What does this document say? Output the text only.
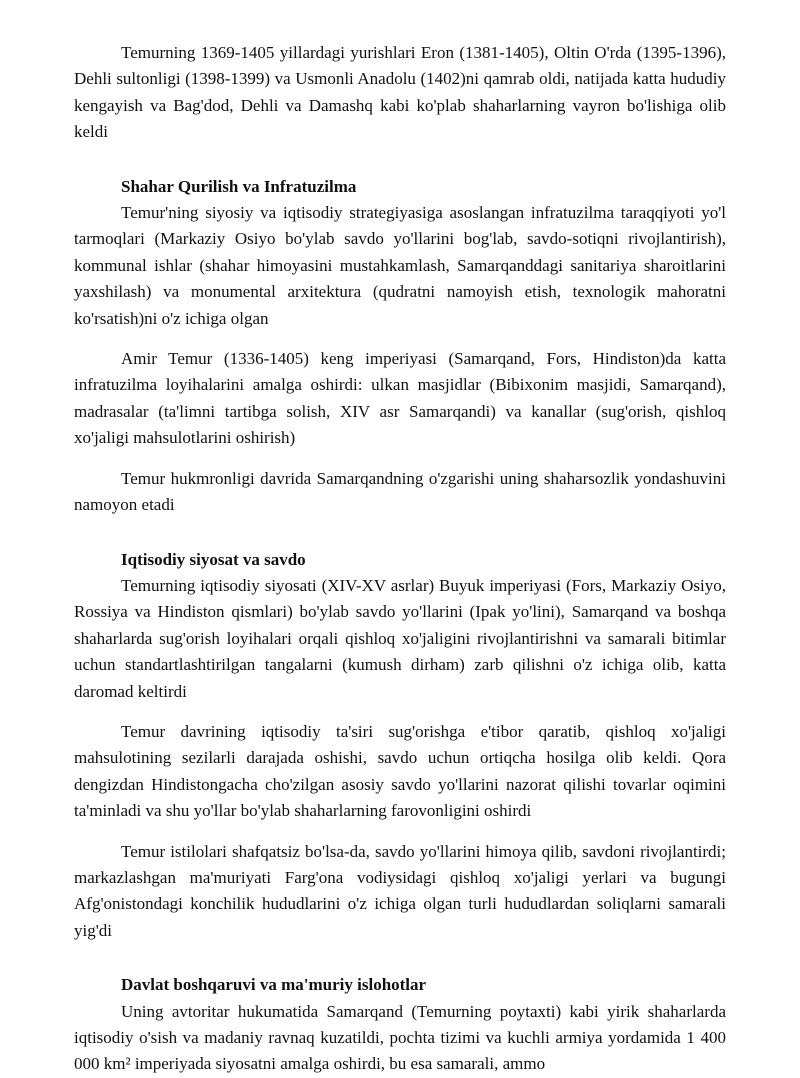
Temurning 1369-1405 yillardagi yurishlari Eron (1381-1405), Oltin O'rda (1395-1396), Dehli sultonligi (1398-1399) va Usmonli Anadolu (1402)ni qamrab oldi, natijada katta hududiy kengayish va Bag'dod, Dehli va Damashq kabi ko'plab shaharlarning vayron bo'lishiga olib keldi

Shahar Qurilish va Infratuzilma

Temur'ning siyosiy va iqtisodiy strategiyasiga asoslangan infratuzilma taraqqiyoti yo'l tarmoqlari (Markaziy Osiyo bo'ylab savdo yo'llarini bog'lab, savdo-sotiqni rivojlantirish), kommunal ishlar (shahar himoyasini mustahkamlash, Samarqanddagi sanitariya sharoitlarini yaxshilash) va monumental arxitektura (qudratni namoyish etish, texnologik mahoratni ko'rsatish)ni o'z ichiga olgan

Amir Temur (1336-1405) keng imperiyasi (Samarqand, Fors, Hindiston)da katta infratuzilma loyihalarini amalga oshirdi: ulkan masjidlar (Bibixonim masjidi, Samarqand), madrasalar (ta'limni tartibga solish, XIV asr Samarqandi) va kanallar (sug'orish, qishloq xo'jaligi mahsulotlarini oshirish)

Temur hukmronligi davrida Samarqandning o'zgarishi uning shaharsozlik yondashuvini namoyon etadi

Iqtisodiy siyosat va savdo

Temurning iqtisodiy siyosati (XIV-XV asrlar) Buyuk imperiyasi (Fors, Markaziy Osiyo, Rossiya va Hindiston qismlari) bo'ylab savdo yo'llarini (Ipak yo'lini), Samarqand va boshqa shaharlarda sug'orish loyihalari orqali qishloq xo'jaligini rivojlantirishni va samarali bitimlar uchun standartlashtirilgan tangalarni (kumush dirham) zarb qilishni o'z ichiga olib, katta daromad keltirdi

Temur davrining iqtisodiy ta'siri sug'orishga e'tibor qaratib, qishloq xo'jaligi mahsulotining sezilarli darajada oshishi, savdo uchun ortiqcha hosilga olib keldi. Qora dengizdan Hindistongacha cho'zilgan asosiy savdo yo'llarini nazorat qilishi tovarlar oqimini ta'minladi va shu yo'llar bo'ylab shaharlarning farovonligini oshirdi

Temur istilolari shafqatsiz bo'lsa-da, savdo yo'llarini himoya qilib, savdoni rivojlantirdi; markazlashgan ma'muriyati Farg'ona vodiysidagi qishloq xo'jaligi yerlari va bugungi Afg'onistondagi konchilik hududlarini o'z ichiga olgan turli hududlardan soliqlarni samarali yig'di

Davlat boshqaruvi va ma'muriy islohotlar

Uning avtoritar hukumatida Samarqand (Temurning poytaxti) kabi yirik shaharlarda iqtisodiy o'sish va madaniy ravnaq kuzatildi, pochta tizimi va kuchli armiya yordamida 1 400 000 km² imperiyada siyosatni amalga oshirdi, bu esa samarali, ammo
